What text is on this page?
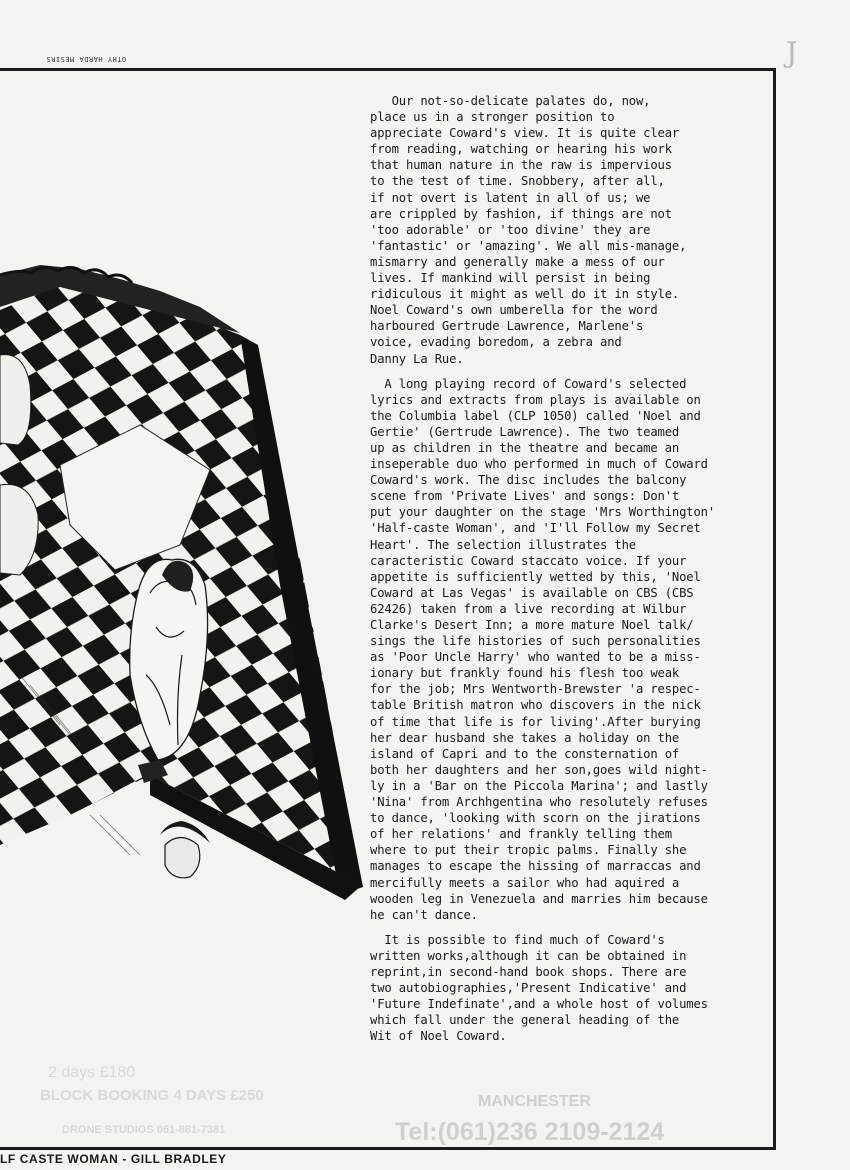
Tel:(061)236 2109-2124
MANCHESTER
BLOCK BOOKING 4 DAYS £250
2 days £180
DRONE STUDIOS 061-881-7381
J
OTHY HARDA MESIRS

Our not-so-delicate palates do, now,
place us in a stronger position to
appreciate Coward's view. It is quite clear
from reading, watching or hearing his work
that human nature in the raw is impervious
to the test of time. Snobbery, after all,
if not overt is latent in all of us; we
are crippled by fashion, if things are not
'too adorable' or 'too divine' they are
'fantastic' or 'amazing'. We all mis-manage,
mismarry and generally make a mess of our
lives. If mankind will persist in being
ridiculous it might as well do it in style.
Noel Coward's own umberella for the word
harboured Gertrude Lawrence, Marlene's
voice, evading boredom, a zebra and
Danny La Rue.

A long playing record of Coward's selected
lyrics and extracts from plays is available on
the Columbia label (CLP 1050) called 'Noel and
Gertie' (Gertrude Lawrence). The two teamed
up as children in the theatre and became an
inseperable duo who performed in much of Coward
Coward's work. The disc includes the balcony
scene from 'Private Lives' and songs: Don't
put your daughter on the stage 'Mrs Worthington'
'Half-caste Woman', and 'I'll Follow my Secret
Heart'. The selection illustrates the
caracteristic Coward staccato voice. If your
appetite is sufficiently wetted by this, 'Noel
Coward at Las Vegas' is available on CBS (CBS
62426) taken from a live recording at Wilbur
Clarke's Desert Inn; a more mature Noel talk/
sings the life histories of such personalities
as 'Poor Uncle Harry' who wanted to be a miss-
ionary but frankly found his flesh too weak
for the job; Mrs Wentworth-Brewster 'a respec-
table British matron who discovers in the nick
of time that life is for living'.After burying
her dear husband she takes a holiday on the
island of Capri and to the consternation of
both her daughters and her son,goes wild night-
ly in a 'Bar on the Piccola Marina'; and lastly
'Nina' from Archhgentina who resolutely refuses
to dance, 'looking with scorn on the jirations
of her relations' and frankly telling them
where to put their tropic palms. Finally she
manages to escape the hissing of marraccas and
mercifully meets a sailor who had aquired a
wooden leg in Venezuela and marries him because
he can't dance.

It is possible to find much of Coward's
written works,although it can be obtained in
reprint,in second-hand book shops. There are
two autobiographies,'Present Indicative' and
'Future Indefinate',and a whole host of volumes
which fall under the general heading of the
Wit of Noel Coward.

LF CASTE WOMAN - GILL BRADLEY
